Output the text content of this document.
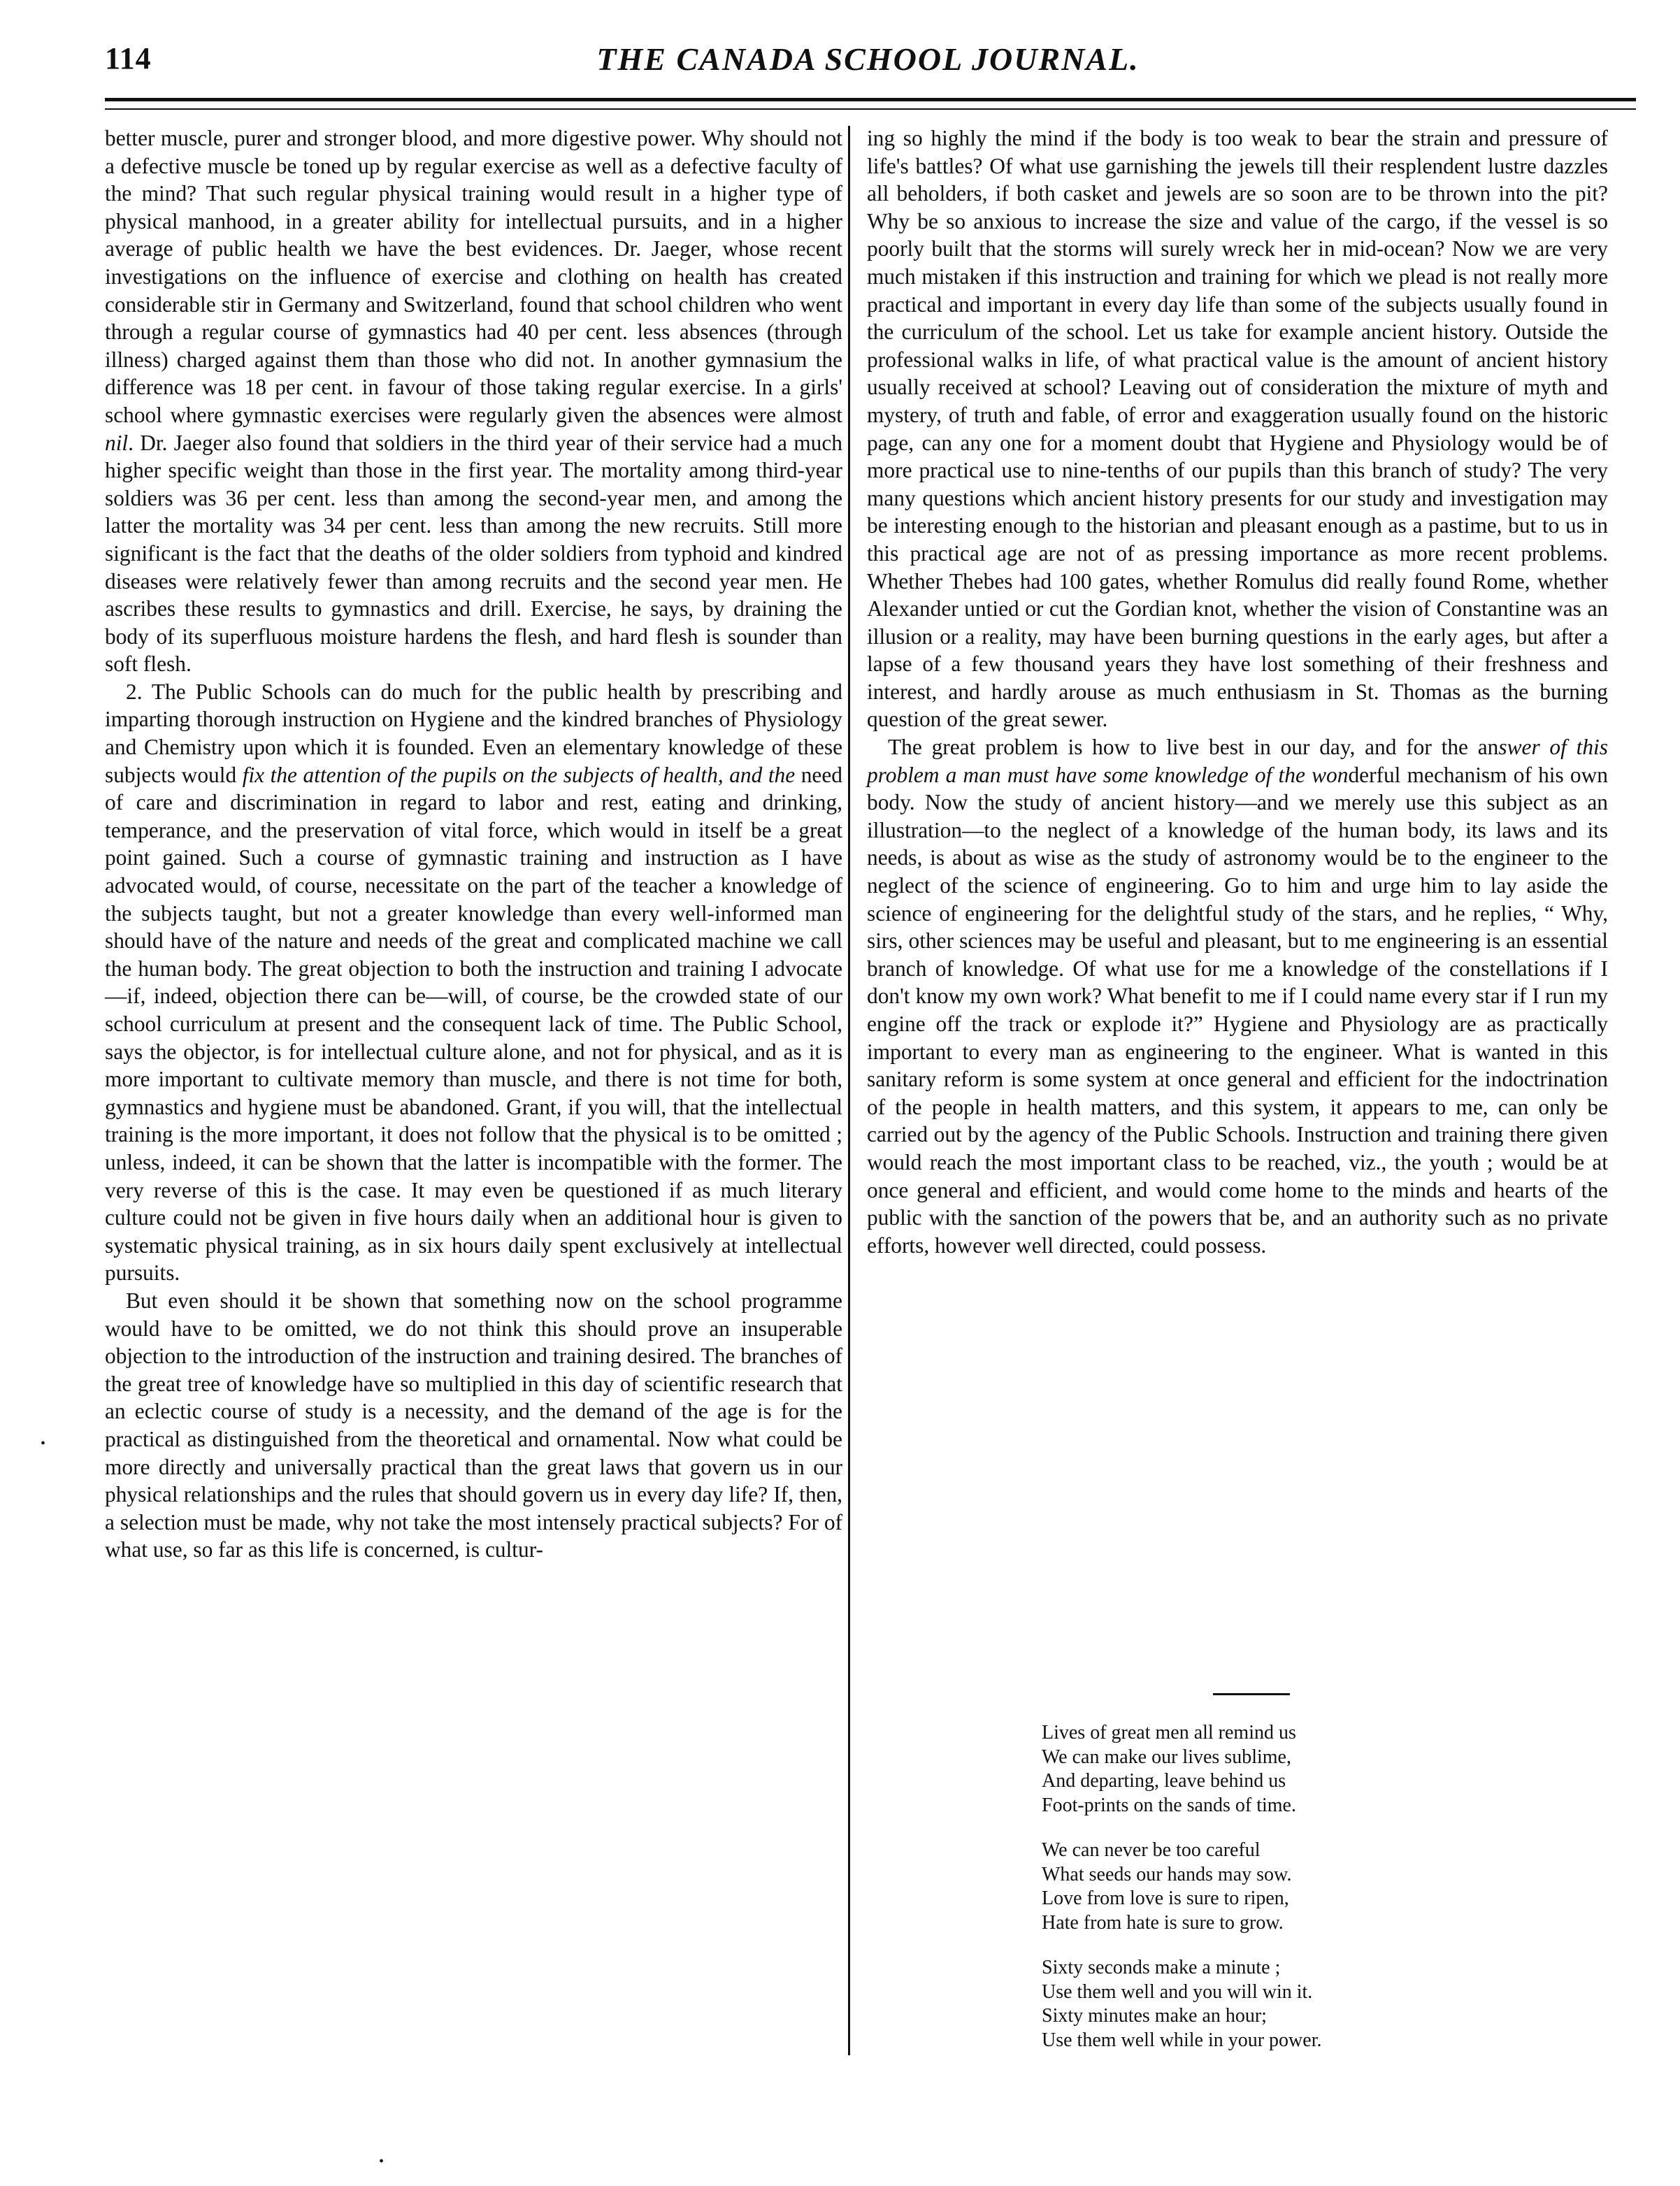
114	THE CANADA SCHOOL JOURNAL.

better muscle, purer and stronger blood, and more digestive power. Why should not a defective muscle be toned up by regular exercise as well as a defective faculty of the mind? That such regular physical training would result in a higher type of physical manhood, in a greater ability for intellectual pursuits, and in a higher average of public health we have the best evidences. Dr. Jaeger, whose recent investigations on the influence of exercise and clothing on health has created considerable stir in Germany and Switzerland, found that school children who went through a regular course of gymnastics had 40 per cent. less absences (through illness) charged against them than those who did not. In another gymnasium the difference was 18 per cent. in favour of those taking regular exercise. In a girls' school where gymnastic exercises were regularly given the absences were almost nil. Dr. Jaeger also found that soldiers in the third year of their service had a much higher specific weight than those in the first year. The mortality among third-year soldiers was 36 per cent. less than among the second-year men, and among the latter the mortality was 34 per cent. less than among the new recruits. Still more significant is the fact that the deaths of the older soldiers from typhoid and kindred diseases were relatively fewer than among recruits and the second year men. He ascribes these results to gymnastics and drill. Exercise, he says, by draining the body of its superfluous moisture hardens the flesh, and hard flesh is sounder than soft flesh.

2. The Public Schools can do much for the public health by prescribing and imparting thorough instruction on Hygiene and the kindred branches of Physiology and Chemistry upon which it is founded. Even an elementary knowledge of these subjects would fix the attention of the pupils on the subjects of health, and the need of care and discrimination in regard to labor and rest, eating and drinking, temperance, and the preservation of vital force, which would in itself be a great point gained. Such a course of gymnastic training and instruction as I have advocated would, of course, necessitate on the part of the teacher a knowledge of the subjects taught, but not a greater knowledge than every well-informed man should have of the nature and needs of the great and complicated machine we call the human body. The great objection to both the instruction and training I advocate—if, indeed, objection there can be—will, of course, be the crowded state of our school curriculum at present and the consequent lack of time. The Public School, says the objector, is for intellectual culture alone, and not for physical, and as it is more important to cultivate memory than muscle, and there is not time for both, gymnastics and hygiene must be abandoned. Grant, if you will, that the intellectual training is the more important, it does not follow that the physical is to be omitted ; unless, indeed, it can be shown that the latter is incompatible with the former. The very reverse of this is the case. It may even be questioned if as much literary culture could not be given in five hours daily when an additional hour is given to systematic physical training, as in six hours daily spent exclusively at intellectual pursuits.

But even should it be shown that something now on the school programme would have to be omitted, we do not think this should prove an insuperable objection to the introduction of the instruction and training desired. The branches of the great tree of knowledge have so multiplied in this day of scientific research that an eclectic course of study is a necessity, and the demand of the age is for the practical as distinguished from the theoretical and ornamental. Now what could be more directly and universally practical than the great laws that govern us in our physical relationships and the rules that should govern us in every day life? If, then, a selection must be made, why not take the most intensely practical subjects? For of what use, so far as this life is concerned, is cultur-

ing so highly the mind if the body is too weak to bear the strain and pressure of life's battles? Of what use garnishing the jewels till their resplendent lustre dazzles all beholders, if both casket and jewels are so soon are to be thrown into the pit? Why be so anxious to increase the size and value of the cargo, if the vessel is so poorly built that the storms will surely wreck her in mid-ocean? Now we are very much mistaken if this instruction and training for which we plead is not really more practical and important in every day life than some of the subjects usually found in the curriculum of the school. Let us take for example ancient history. Outside the professional walks in life, of what practical value is the amount of ancient history usually received at school? Leaving out of consideration the mixture of myth and mystery, of truth and fable, of error and exaggeration usually found on the historic page, can any one for a moment doubt that Hygiene and Physiology would be of more practical use to nine-tenths of our pupils than this branch of study? The very many questions which ancient history presents for our study and investigation may be interesting enough to the historian and pleasant enough as a pastime, but to us in this practical age are not of as pressing importance as more recent problems. Whether Thebes had 100 gates, whether Romulus did really found Rome, whether Alexander untied or cut the Gordian knot, whether the vision of Constantine was an illusion or a reality, may have been burning questions in the early ages, but after a lapse of a few thousand years they have lost something of their freshness and interest, and hardly arouse as much enthusiasm in St. Thomas as the burning question of the great sewer.

The great problem is how to live best in our day, and for the answer of this problem a man must have some knowledge of the wonderful mechanism of his own body. Now the study of ancient history—and we merely use this subject as an illustration—to the neglect of a knowledge of the human body, its laws and its needs, is about as wise as the study of astronomy would be to the engineer to the neglect of the science of engineering. Go to him and urge him to lay aside the science of engineering for the delightful study of the stars, and he replies, “ Why, sirs, other sciences may be useful and pleasant, but to me engineering is an essential branch of knowledge. Of what use for me a knowledge of the constellations if I don't know my own work? What benefit to me if I could name every star if I run my engine off the track or explode it?” Hygiene and Physiology are as practically important to every man as engineering to the engineer. What is wanted in this sanitary reform is some system at once general and efficient for the indoctrination of the people in health matters, and this system, it appears to me, can only be carried out by the agency of the Public Schools. Instruction and training there given would reach the most important class to be reached, viz., the youth ; would be at once general and efficient, and would come home to the minds and hearts of the public with the sanction of the powers that be, and an authority such as no private efforts, however well directed, could possess.

Lives of great men all remind us
We can make our lives sublime,
And departing, leave behind us
Foot-prints on the sands of time.
We can never be too careful
What seeds our hands may sow.
Love from love is sure to ripen,
Hate from hate is sure to grow.
Sixty seconds make a minute ;
Use them well and you will win it.
Sixty minutes make an hour;
Use them well while in your power.
•
•
